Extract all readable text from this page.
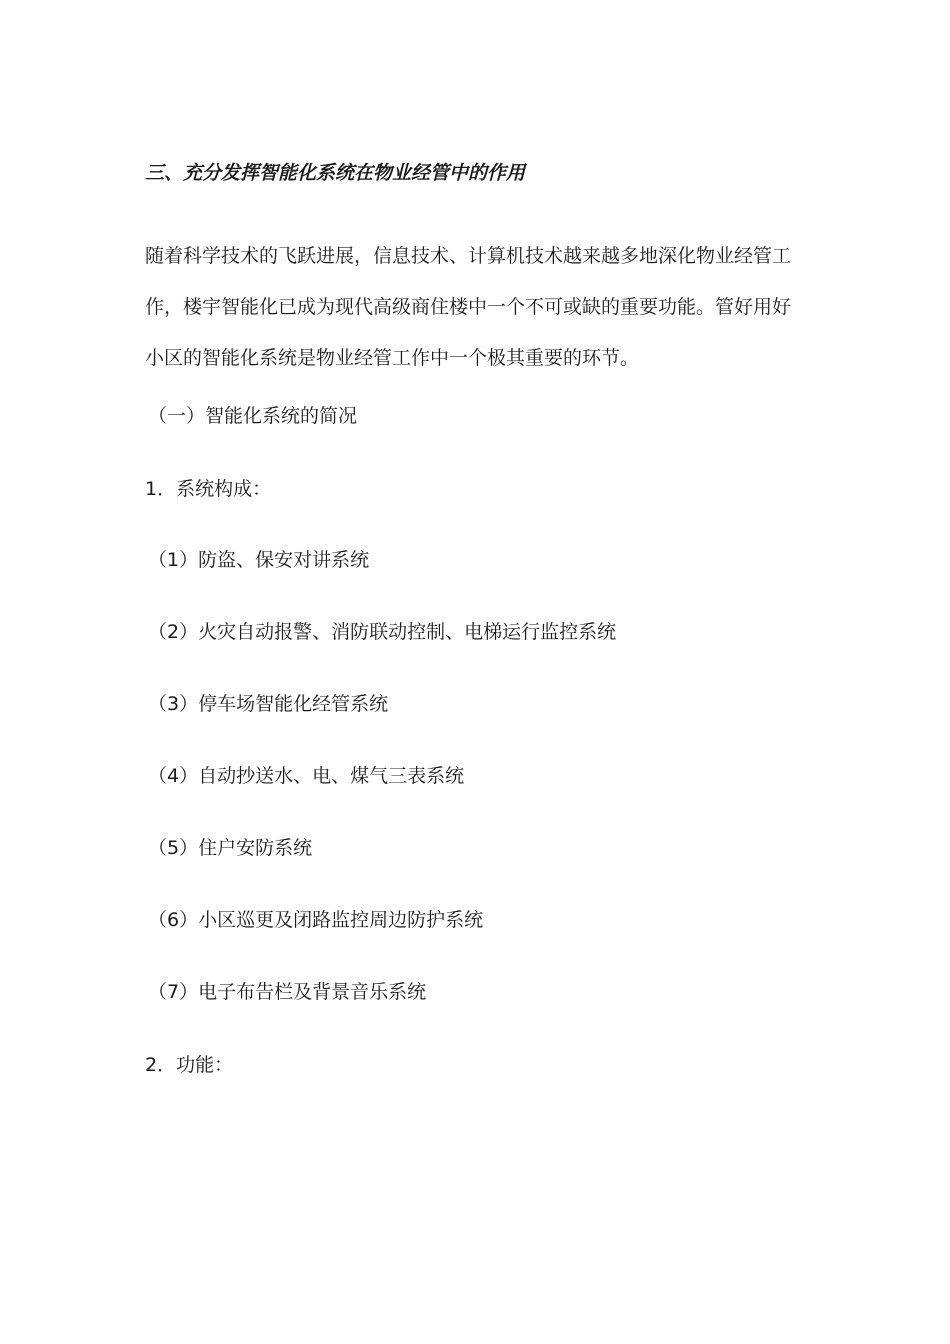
三、充分发挥智能化系统在物业经管中的作用
随着科学技术的飞跃进展，信息技术、计算机技术越来越多地深化物业经管工作，楼宇智能化已成为现代高级商住楼中一个不可或缺的重要功能。管好用好小区的智能化系统是物业经管工作中一个极其重要的环节。
（一）智能化系统的简况
1．系统构成：
（1）防盗、保安对讲系统
（2）火灾自动报警、消防联动控制、电梯运行监控系统
（3）停车场智能化经管系统
（4）自动抄送水、电、煤气三表系统
（5）住户安防系统
（6）小区巡更及闭路监控周边防护系统
（7）电子布告栏及背景音乐系统
2．功能：
